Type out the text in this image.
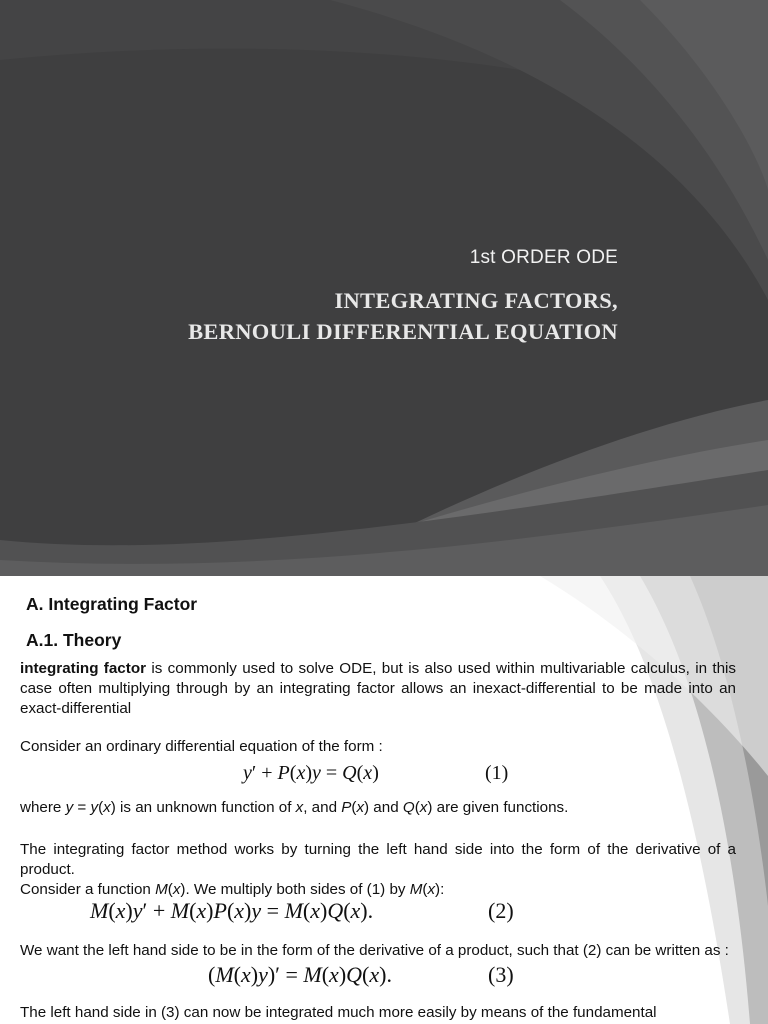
1st ORDER ODE
INTEGRATING FACTORS,
BERNOULI DIFFERENTIAL EQUATION
A. Integrating Factor
A.1. Theory
integrating factor is commonly used to solve ODE, but is also used within multivariable calculus, in this case often multiplying through by an integrating factor allows an inexact-differential to be made into an exact-differential
Consider an ordinary differential equation of the form :
y′ + P(x)y = Q(x)	(1)
where y = y(x) is an unknown function of x, and P(x) and Q(x) are given functions.
The integrating factor method works by turning the left hand side into the form of the derivative of a product.
Consider a function M(x). We multiply both sides of (1) by M(x):
M(x)y′ + M(x)P(x)y = M(x)Q(x).	(2)
We want the left hand side to be in the form of the derivative of a product, such that (2) can be written as :
(M(x)y)′ = M(x)Q(x).	(3)
The left hand side in (3) can now be integrated much more easily by means of the fundamental
